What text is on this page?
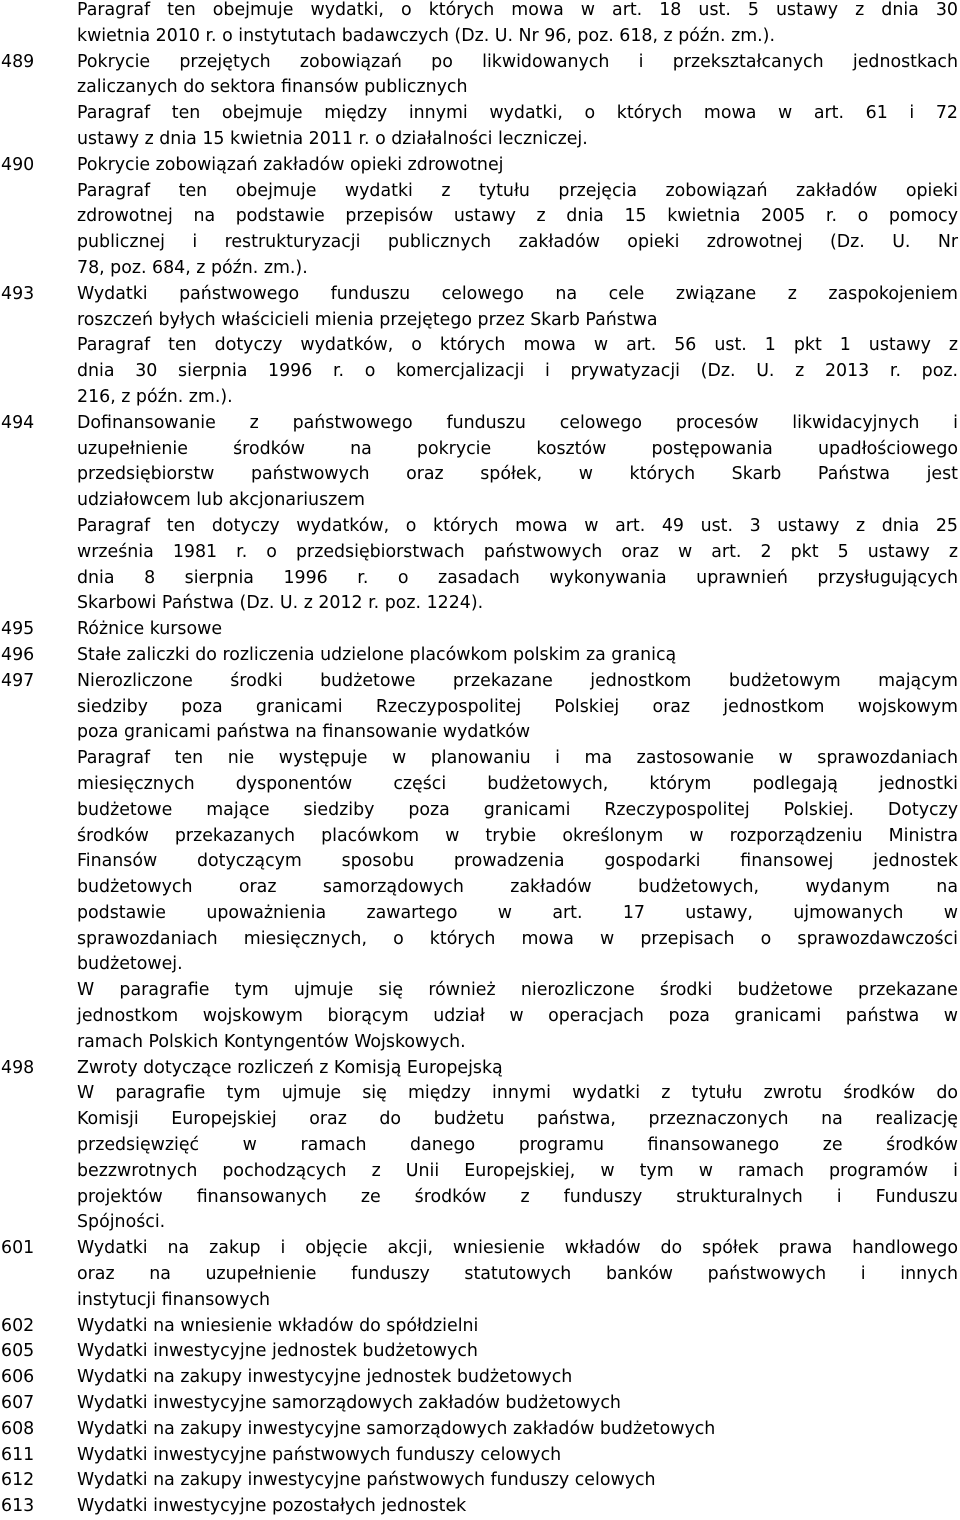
Paragraf ten obejmuje wydatki, o których mowa w art. 18 ust. 5 ustawy z dnia 30
kwietnia 2010 r. o instytutach badawczych (Dz. U. Nr 96, poz. 618, z późn. zm.).
489	Pokrycie przejętych zobowiązań po likwidowanych i przekształcanych jednostkach
zaliczanych do sektora finansów publicznych
Paragraf ten obejmuje między innymi wydatki, o których mowa w art. 61 i 72
ustawy z dnia 15 kwietnia 2011 r. o działalności leczniczej.
490	Pokrycie zobowiązań zakładów opieki zdrowotnej
Paragraf ten obejmuje wydatki z tytułu przejęcia zobowiązań zakładów opieki
zdrowotnej na podstawie przepisów ustawy z dnia 15 kwietnia 2005 r. o pomocy
publicznej i restrukturyzacji publicznych zakładów opieki zdrowotnej (Dz. U. Nr
78, poz. 684, z późn. zm.).
493	Wydatki państwowego funduszu celowego na cele związane z zaspokojeniem
roszczeń byłych właścicieli mienia przejętego przez Skarb Państwa
Paragraf ten dotyczy wydatków, o których mowa w art. 56 ust. 1 pkt 1 ustawy z
dnia 30 sierpnia 1996 r. o komercjalizacji i prywatyzacji (Dz. U. z 2013 r. poz.
216, z późn. zm.).
494	Dofinansowanie z państwowego funduszu celowego procesów likwidacyjnych i
uzupełnienie środków na pokrycie kosztów postępowania upadłościowego
przedsiębiorstw państwowych oraz spółek, w których Skarb Państwa jest
udziałowcem lub akcjonariuszem
Paragraf ten dotyczy wydatków, o których mowa w art. 49 ust. 3 ustawy z dnia 25
września 1981 r. o przedsiębiorstwach państwowych oraz w art. 2 pkt 5 ustawy z
dnia 8 sierpnia 1996 r. o zasadach wykonywania uprawnień przysługujących
Skarbowi Państwa (Dz. U. z 2012 r. poz. 1224).
495	Różnice kursowe
496	Stałe zaliczki do rozliczenia udzielone placówkom polskim za granicą
497	Nierozliczone środki budżetowe przekazane jednostkom budżetowym mającym
siedziby poza granicami Rzeczypospolitej Polskiej oraz jednostkom wojskowym
poza granicami państwa na finansowanie wydatków
Paragraf ten nie występuje w planowaniu i ma zastosowanie w sprawozdaniach
miesięcznych dysponentów części budżetowych, którym podlegają jednostki
budżetowe mające siedziby poza granicami Rzeczypospolitej Polskiej. Dotyczy
środków przekazanych placówkom w trybie określonym w rozporządzeniu Ministra
Finansów dotyczącym sposobu prowadzenia gospodarki finansowej jednostek
budżetowych oraz samorządowych zakładów budżetowych, wydanym na
podstawie upoważnienia zawartego w art. 17 ustawy, ujmowanych w
sprawozdaniach miesięcznych, o których mowa w przepisach o sprawozdawczości
budżetowej.
W paragrafie tym ujmuje się również nierozliczone środki budżetowe przekazane
jednostkom wojskowym biorącym udział w operacjach poza granicami państwa w
ramach Polskich Kontyngentów Wojskowych.
498	Zwroty dotyczące rozliczeń z Komisją Europejską
W paragrafie tym ujmuje się między innymi wydatki z tytułu zwrotu środków do
Komisji Europejskiej oraz do budżetu państwa, przeznaczonych na realizację
przedsięwzięć w ramach danego programu finansowanego ze środków
bezzwrotnych pochodzących z Unii Europejskiej, w tym w ramach programów i
projektów finansowanych ze środków z funduszy strukturalnych i Funduszu
Spójności.
601	Wydatki na zakup i objęcie akcji, wniesienie wkładów do spółek prawa handlowego
oraz na uzupełnienie funduszy statutowych banków państwowych i innych
instytucji finansowych
602	Wydatki na wniesienie wkładów do spółdzielni
605	Wydatki inwestycyjne jednostek budżetowych
606	Wydatki na zakupy inwestycyjne jednostek budżetowych
607	Wydatki inwestycyjne samorządowych zakładów budżetowych
608	Wydatki na zakupy inwestycyjne samorządowych zakładów budżetowych
611	Wydatki inwestycyjne państwowych funduszy celowych
612	Wydatki na zakupy inwestycyjne państwowych funduszy celowych
613	Wydatki inwestycyjne pozostałych jednostek
